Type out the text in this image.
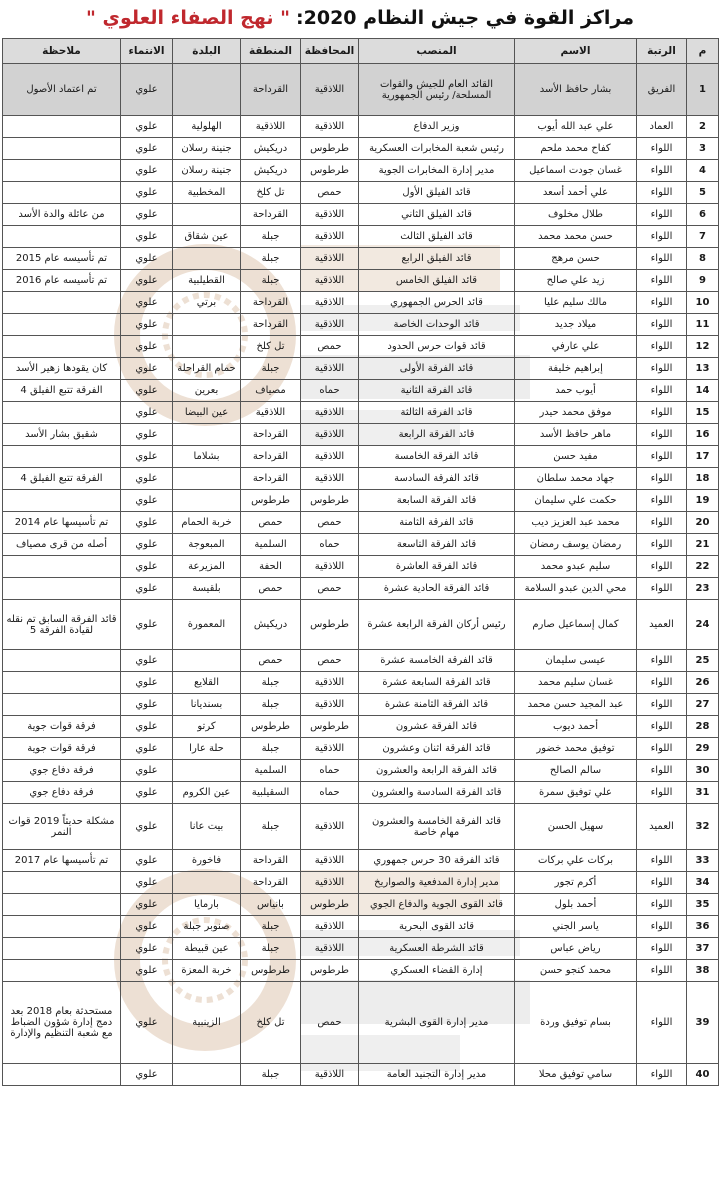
مراكز القوة في جيش النظام 2020:
" نهج الصفاء العلوي "
م	الرتبة	الاسم	المنصب	المحافظة	المنطقة	البلدة	الانتماء	ملاحظة
1	الفريق	بشار حافظ الأسد	القائد العام للجيش والقوات المسلحة/ رئيس الجمهورية	اللاذقية	القرداحة		علوي	تم اعتماد الأصول
2	العماد	علي عبد الله أيوب	وزير الدفاع	اللاذقية	اللاذقية	الهلولية	علوي	
3	اللواء	كفاح محمد ملحم	رئيس شعبة المخابرات العسكرية	طرطوس	دريكيش	جنينة رسلان	علوي	
4	اللواء	غسان جودت اسماعيل	مدير إدارة المخابرات الجوية	طرطوس	دريكيش	جنينة رسلان	علوي	
5	اللواء	علي أحمد أسعد	قائد الفيلق الأول	حمص	تل كلخ	المخطبية	علوي	
6	اللواء	طلال مخلوف	قائد الفيلق الثاني	اللاذقية	القرداحة		علوي	من عائلة والدة الأسد
7	اللواء	حسن محمد محمد	قائد الفيلق الثالث	اللاذقية	جبلة	عين شقاق	علوي	
8	اللواء	حسن مرهج	قائد الفيلق الرابع	اللاذقية	جبلة		علوي	تم تأسيسه عام 2015
9	اللواء	زيد علي صالح	قائد الفيلق الخامس	اللاذقية	جبلة	القطيلبية	علوي	تم تأسيسه عام 2016
10	اللواء	مالك سليم عليا	قائد الحرس الجمهوري	اللاذقية	القرداحة	برتي	علوي	
11	اللواء	ميلاد جديد	قائد الوحدات الخاصة	اللاذقية	القرداحة		علوي	
12	اللواء	علي عارفي	قائد قوات حرس الحدود	حمص	تل كلخ		علوي	
13	اللواء	إبراهيم خليفة	قائد الفرقة الأولى	اللاذقية	جبلة	حمام القراحلة	علوي	كان يقودها زهير الأسد
14	اللواء	أيوب حمد	قائد الفرقة الثانية	حماه	مصياف	بعرين	علوي	الفرقة تتبع الفيلق 4
15	اللواء	موفق محمد حيدر	قائد الفرقة الثالثة	اللاذقية	اللاذقية	عين البيضا	علوي	
16	اللواء	ماهر حافظ الأسد	قائد الفرقة الرابعة	اللاذقية	القرداحة		علوي	شقيق بشار الأسد
17	اللواء	مفيد حسن	قائد الفرقة الخامسة	اللاذقية	القرداحة	بشلاما	علوي	
18	اللواء	جهاد محمد سلطان	قائد الفرقة السادسة	اللاذقية	القرداحة		علوي	الفرقة تتبع الفيلق 4
19	اللواء	حكمت علي سليمان	قائد الفرقة السابعة	طرطوس	طرطوس		علوي	
20	اللواء	محمد عبد العزيز ديب	قائد الفرقة الثامنة	حمص	حمص	خربة الحمام	علوي	تم تأسيسها عام 2014
21	اللواء	رمضان يوسف رمضان	قائد الفرقة التاسعة	حماه	السلمية	المبعوجة	علوي	أصله من قرى مصياف
22	اللواء	سليم عبدو محمد	قائد الفرقة العاشرة	اللاذقية	الحفة	المزيرعة	علوي	
23	اللواء	محي الدين عبدو السلامة	قائد الفرقة الحادية عشرة	حمص	حمص	بلقيسة	علوي	
24	العميد	كمال إسماعيل صارم	رئيس أركان الفرقة الرابعة عشرة	طرطوس	دريكيش	المعمورة	علوي	قائد الفرقة السابق تم نقله لقيادة الفرقة 5
25	اللواء	عيسى سليمان	قائد الفرقة الخامسة عشرة	حمص	حمص		علوي	
26	اللواء	غسان سليم محمد	قائد الفرقة السابعة عشرة	اللاذقية	جبلة	القلايع	علوي	
27	اللواء	عبد المجيد حسن محمد	قائد الفرقة الثامنة عشرة	اللاذقية	جبلة	بسنديانا	علوي	
28	اللواء	أحمد ديوب	قائد الفرقة عشرون	طرطوس	طرطوس	كرتو	علوي	فرقة قوات جوية
29	اللواء	توفيق محمد خضور	قائد الفرقة اثنان وعشرون	اللاذقية	جبلة	حلة عارا	علوي	فرقة قوات جوية
30	اللواء	سالم الصالح	قائد الفرقة الرابعة والعشرون	حماه	السلمية		علوي	فرقة دفاع جوي
31	اللواء	علي توفيق سمرة	قائد الفرقة السادسة والعشرون	حماه	السقيلبية	عين الكروم	علوي	فرقة دفاع جوي
32	العميد	سهيل الحسن	قائد الفرقة الخامسة والعشرون مهام خاصة	اللاذقية	جبلة	بيت عانا	علوي	مشكلة حديثاً 2019 قوات النمر
33	اللواء	بركات علي بركات	قائد الفرقة 30 حرس جمهوري	اللاذقية	القرداحة	فاخورة	علوي	تم تأسيسها عام 2017
34	اللواء	أكرم تجور	مدير إدارة المدفعية والصواريخ	اللاذقية	القرداحة		علوي	
35	اللواء	أحمد بلول	قائد القوى الجوية والدفاع الجوي	طرطوس	بانياس	بارمايا	علوي	
36	اللواء	ياسر الجني	قائد القوى البحرية	اللاذقية	جبلة	صنوبر جبلة	علوي	
37	اللواء	رياض عباس	قائد الشرطة العسكرية	اللاذقية	جبلة	عين قبيطة	علوي	
38	اللواء	محمد كنجو حسن	إدارة القضاء العسكري	طرطوس	طرطوس	خربة المعزة	علوي	
39	اللواء	بسام توفيق وردة	مدير إدارة القوى البشرية	حمص	تل كلخ	الزينبية	علوي	مستحدثة بعام 2018 بعد دمج إدارة شؤون الضباط مع شعبة التنظيم والإدارة
40	اللواء	سامي توفيق محلا	مدير إدارة التجنيد العامة	اللاذقية	جبلة		علوي	
